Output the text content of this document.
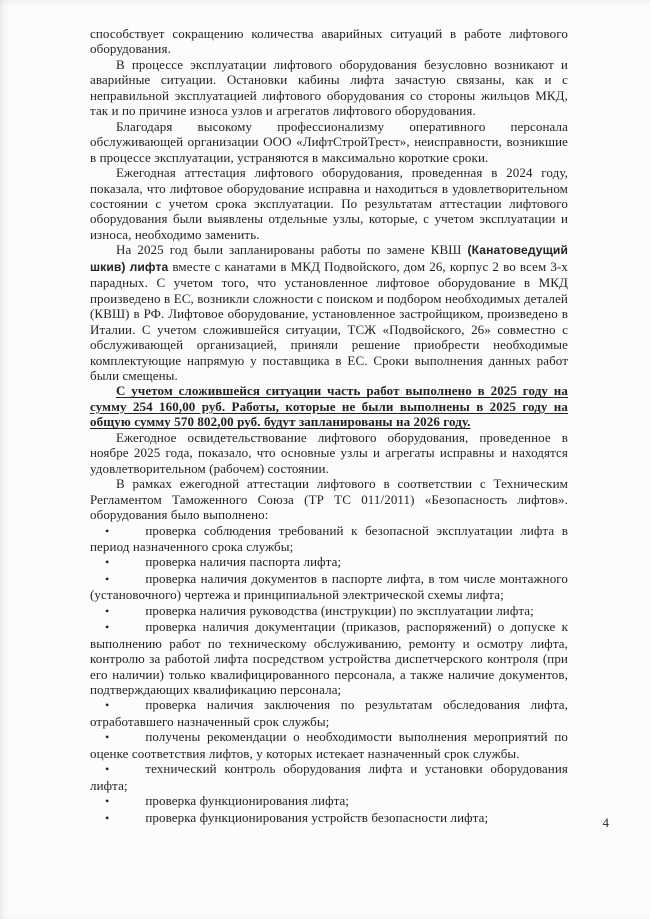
способствует сокращению количества аварийных ситуаций в работе лифтового оборудования.

В процессе эксплуатации лифтового оборудования безусловно возникают и аварийные ситуации. Остановки кабины лифта зачастую связаны, как и с неправильной эксплуатацией лифтового оборудования со стороны жильцов МКД, так и по причине износа узлов и агрегатов лифтового оборудования.

Благодаря высокому профессионализму оперативного персонала обслуживающей организации ООО «ЛифтСтройТрест», неисправности, возникшие в процессе эксплуатации, устраняются в максимально короткие сроки.

Ежегодная аттестация лифтового оборудования, проведенная в 2024 году, показала, что лифтовое оборудование исправна и находиться в удовлетворительном состоянии с учетом срока эксплуатации. По результатам аттестации лифтового оборудования были выявлены отдельные узлы, которые, с учетом эксплуатации и износа, необходимо заменить.

На 2025 год были запланированы работы по замене КВШ (Канатоведущий шкив) лифта вместе с канатами в МКД Подвойского, дом 26, корпус 2 во всем 3-х парадных. С учетом того, что установленное лифтовое оборудование в МКД произведено в ЕС, возникли сложности с поиском и подбором необходимых деталей (КВШ) в РФ. Лифтовое оборудование, установленное застройщиком, произведено в Италии. С учетом сложившейся ситуации, ТСЖ «Подвойского, 26» совместно с обслуживающей организацией, приняли решение приобрести необходимые комплектующие напрямую у поставщика в ЕС. Сроки выполнения данных работ были смещены.

С учетом сложившейся ситуации часть работ выполнено в 2025 году на сумму 254 160,00 руб. Работы, которые не были выполнены в 2025 году на общую сумму 570 802,00 руб. будут запланированы на 2026 году.

Ежегодное освидетельствование лифтового оборудования, проведенное в ноябре 2025 года, показало, что основные узлы и агрегаты исправны и находятся удовлетворительном (рабочем) состоянии.

В рамках ежегодной аттестации лифтового в соответствии с Техническим Регламентом Таможенного Союза (ТР ТС 011/2011) «Безопасность лифтов». оборудования было выполнено:

•	проверка соблюдения требований к безопасной эксплуатации лифта в период назначенного срока службы;

•	проверка наличия паспорта лифта;

•	проверка наличия документов в паспорте лифта, в том числе монтажного (установочного) чертежа и принципиальной электрической схемы лифта;

•	проверка наличия руководства (инструкции) по эксплуатации лифта;

•	проверка наличия документации (приказов, распоряжений) о допуске к выполнению работ по техническому обслуживанию, ремонту и осмотру лифта, контролю за работой лифта посредством устройства диспетчерского контроля (при его наличии) только квалифицированного персонала, а также наличие документов, подтверждающих квалификацию персонала;

•	проверка наличия заключения по результатам обследования лифта, отработавшего назначенный срок службы;

•	получены рекомендации о необходимости выполнения мероприятий по оценке соответствия лифтов, у которых истекает назначенный срок службы.

•	технический контроль оборудования лифта и установки оборудования лифта;

•	проверка функционирования лифта;

•	проверка функционирования устройств безопасности лифта;	4
